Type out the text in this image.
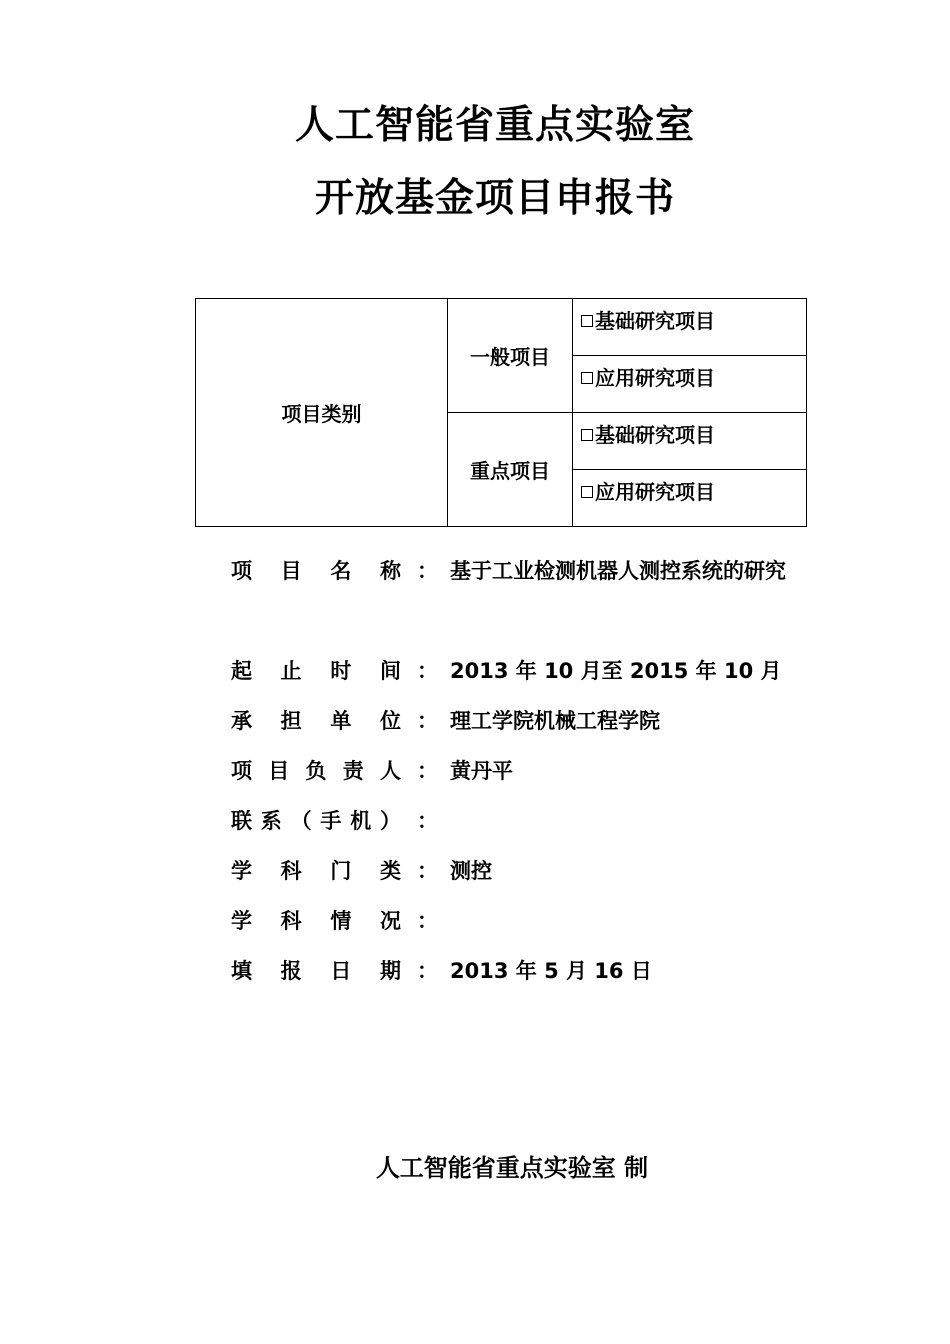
人工智能省重点实验室
开放基金项目申报书
项目类别	一般项目	基础研究项目
		应用研究项目
	重点项目	基础研究项目
		应用研究项目
项 目 名 称 ： 基于工业检测机器人测控系统的研究
起 止 时 间 ： 2013 年 10 月至 2015 年 10 月
承 担 单 位 ： 理工学院机械工程学院
项 目 负 责 人 ： 黄丹平
联 系 （ 手 机 ） ：
学 科 门 类 ： 测控
学 科 情 况 ：
填 报 日 期 ： 2013 年 5 月 16 日
人工智能省重点实验室 制
